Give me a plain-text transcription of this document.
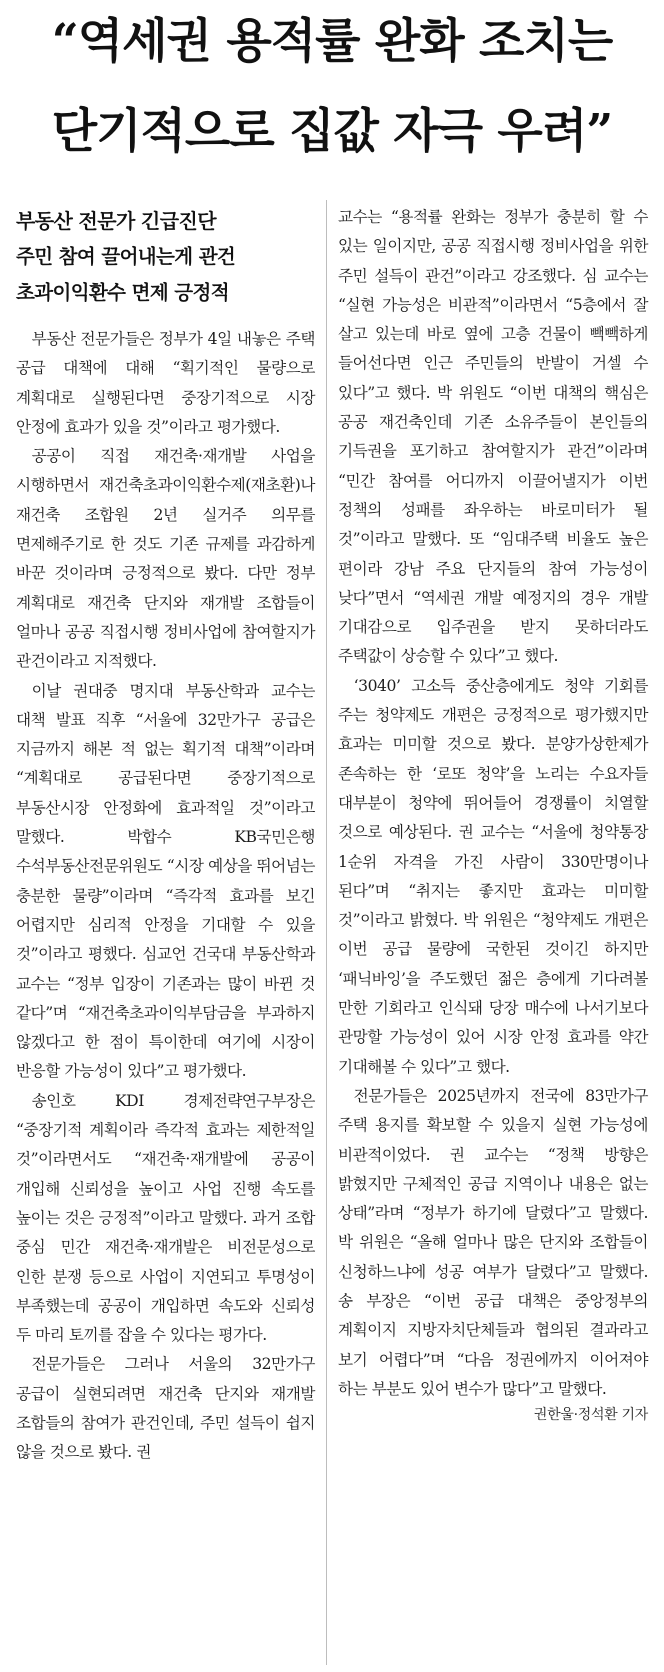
“역세권 용적률 완화 조치는
단기적으로 집값 자극 우려”

부동산 전문가 긴급진단

주민 참여 끌어내는게 관건

초과이익환수 면제 긍정적

부동산 전문가들은 정부가 4일 내놓은 주택 공급 대책에 대해 “획기적인 물량으로 계획대로 실행된다면 중장기적으로 시장 안정에 효과가 있을 것”이라고 평가했다.

공공이 직접 재건축·재개발 사업을 시행하면서 재건축초과이익환수제(재초환)나 재건축 조합원 2년 실거주 의무를 면제해주기로 한 것도 기존 규제를 과감하게 바꾼 것이라며 긍정적으로 봤다. 다만 정부 계획대로 재건축 단지와 재개발 조합들이 얼마나 공공 직접시행 정비사업에 참여할지가 관건이라고 지적했다.

이날 권대중 명지대 부동산학과 교수는 대책 발표 직후 “서울에 32만가구 공급은 지금까지 해본 적 없는 획기적 대책”이라며 “계획대로 공급된다면 중장기적으로 부동산시장 안정화에 효과적일 것”이라고 말했다. 박합수 KB국민은행 수석부동산전문위원도 “시장 예상을 뛰어넘는 충분한 물량”이라며 “즉각적 효과를 보긴 어렵지만 심리적 안정을 기대할 수 있을 것”이라고 평했다. 심교언 건국대 부동산학과 교수는 “정부 입장이 기존과는 많이 바뀐 것 같다”며 “재건축초과이익부담금을 부과하지 않겠다고 한 점이 특이한데 여기에 시장이 반응할 가능성이 있다”고 평가했다.

송인호 KDI 경제전략연구부장은 “중장기적 계획이라 즉각적 효과는 제한적일 것”이라면서도 “재건축·재개발에 공공이 개입해 신뢰성을 높이고 사업 진행 속도를 높이는 것은 긍정적”이라고 말했다. 과거 조합 중심 민간 재건축·재개발은 비전문성으로 인한 분쟁 등으로 사업이 지연되고 투명성이 부족했는데 공공이 개입하면 속도와 신뢰성 두 마리 토끼를 잡을 수 있다는 평가다.

전문가들은 그러나 서울의 32만가구 공급이 실현되려면 재건축 단지와 재개발 조합들의 참여가 관건인데, 주민 설득이 쉽지 않을 것으로 봤다. 권

교수는 “용적률 완화는 정부가 충분히 할 수 있는 일이지만, 공공 직접시행 정비사업을 위한 주민 설득이 관건”이라고 강조했다. 심 교수는 “실현 가능성은 비관적”이라면서 “5층에서 잘 살고 있는데 바로 옆에 고층 건물이 빽빽하게 들어선다면 인근 주민들의 반발이 거셀 수 있다”고 했다. 박 위원도 “이번 대책의 핵심은 공공 재건축인데 기존 소유주들이 본인들의 기득권을 포기하고 참여할지가 관건”이라며 “민간 참여를 어디까지 이끌어낼지가 이번 정책의 성패를 좌우하는 바로미터가 될 것”이라고 말했다. 또 “임대주택 비율도 높은 편이라 강남 주요 단지들의 참여 가능성이 낮다”면서 “역세권 개발 예정지의 경우 개발 기대감으로 입주권을 받지 못하더라도 주택값이 상승할 수 있다”고 했다.

‘3040’ 고소득 중산층에게도 청약 기회를 주는 청약제도 개편은 긍정적으로 평가했지만 효과는 미미할 것으로 봤다. 분양가상한제가 존속하는 한 ‘로또 청약’을 노리는 수요자들 대부분이 청약에 뛰어들어 경쟁률이 치열할 것으로 예상된다. 권 교수는 “서울에 청약통장 1순위 자격을 가진 사람이 330만명이나 된다”며 “취지는 좋지만 효과는 미미할 것”이라고 밝혔다. 박 위원은 “청약제도 개편은 이번 공급 물량에 국한된 것이긴 하지만 ‘패닉바잉’을 주도했던 젊은 층에게 기다려볼 만한 기회라고 인식돼 당장 매수에 나서기보다 관망할 가능성이 있어 시장 안정 효과를 약간 기대해볼 수 있다”고 했다.

전문가들은 2025년까지 전국에 83만가구 주택 용지를 확보할 수 있을지 실현 가능성에 비관적이었다. 권 교수는 “정책 방향은 밝혔지만 구체적인 공급 지역이나 내용은 없는 상태”라며 “정부가 하기에 달렸다”고 말했다. 박 위원은 “올해 얼마나 많은 단지와 조합들이 신청하느냐에 성공 여부가 달렸다”고 말했다. 송 부장은 “이번 공급 대책은 중앙정부의 계획이지 지방자치단체들과 협의된 결과라고 보기 어렵다”며 “다음 정권에까지 이어져야 하는 부분도 있어 변수가 많다”고 말했다.

권한울·정석환 기자
